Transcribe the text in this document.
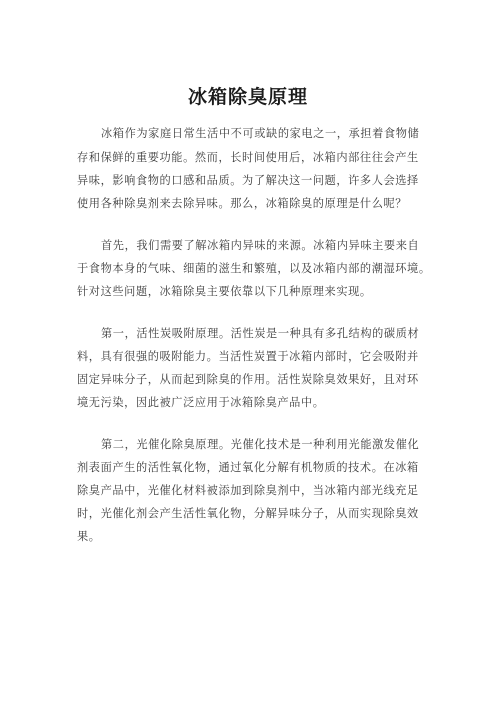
冰箱除臭原理
冰箱作为家庭日常生活中不可或缺的家电之一，承担着食物储
存和保鲜的重要功能。然而，长时间使用后，冰箱内部往往会产生
异味，影响食物的口感和品质。为了解决这一问题，许多人会选择
使用各种除臭剂来去除异味。那么，冰箱除臭的原理是什么呢？
首先，我们需要了解冰箱内异味的来源。冰箱内异味主要来自
于食物本身的气味、细菌的滋生和繁殖，以及冰箱内部的潮湿环境。
针对这些问题，冰箱除臭主要依靠以下几种原理来实现。
第一，活性炭吸附原理。活性炭是一种具有多孔结构的碳质材
料，具有很强的吸附能力。当活性炭置于冰箱内部时，它会吸附并
固定异味分子，从而起到除臭的作用。活性炭除臭效果好，且对环
境无污染，因此被广泛应用于冰箱除臭产品中。
第二，光催化除臭原理。光催化技术是一种利用光能激发催化
剂表面产生的活性氧化物，通过氧化分解有机物质的技术。在冰箱
除臭产品中，光催化材料被添加到除臭剂中，当冰箱内部光线充足
时，光催化剂会产生活性氧化物，分解异味分子，从而实现除臭效
果。
